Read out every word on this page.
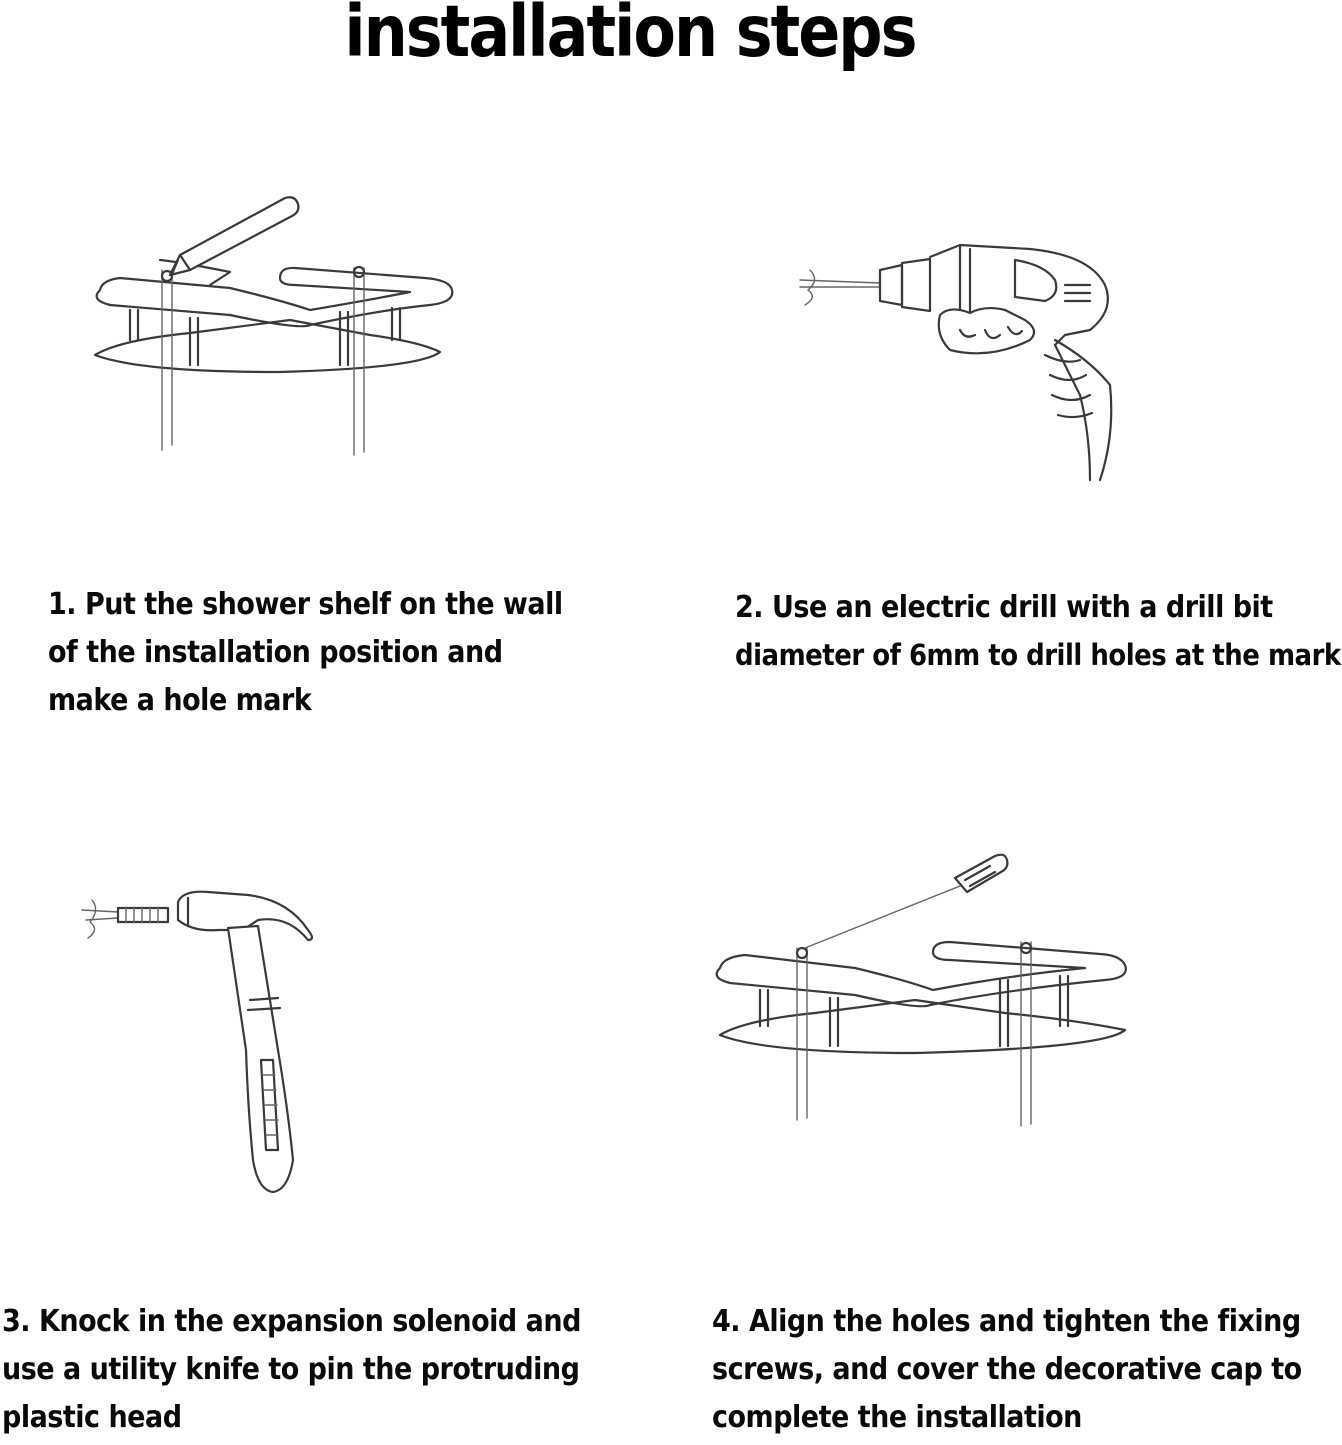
installation steps
1. Put the shower shelf on the wall
of the installation position and
make a hole mark
2. Use an electric drill with a drill bit
diameter of 6mm to drill holes at the mark
3. Knock in the expansion solenoid and
use a utility knife to pin the protruding
plastic head
4. Align the holes and tighten the fixing
screws, and cover the decorative cap to
complete the installation
